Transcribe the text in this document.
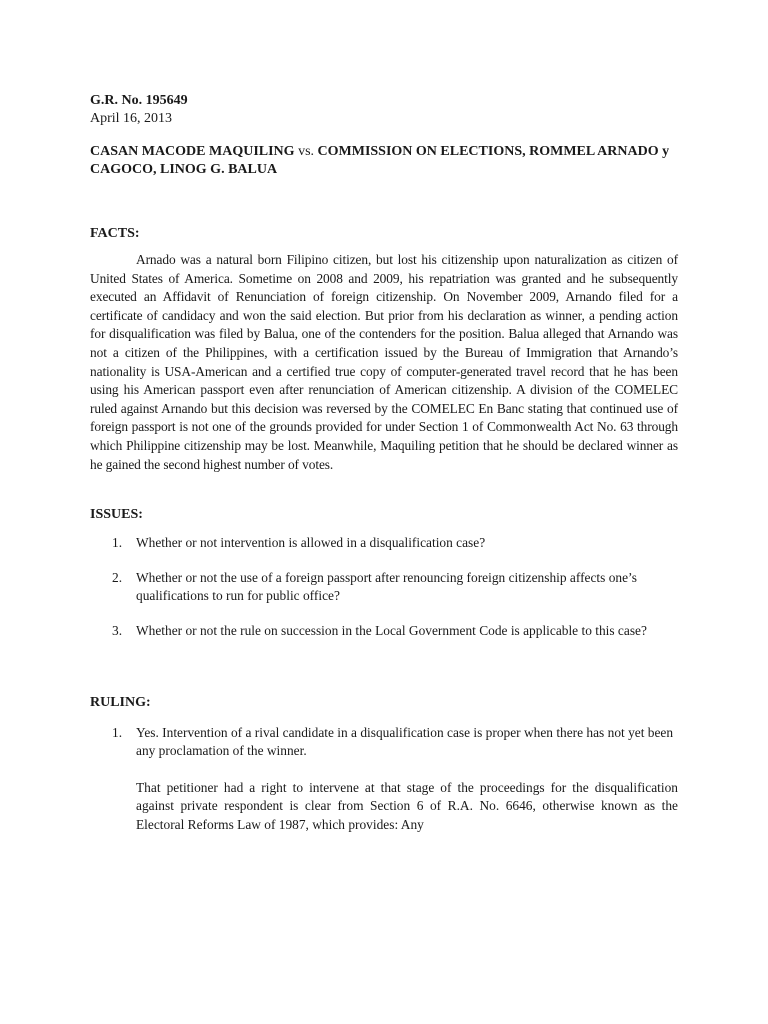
G.R. No. 195649

April 16, 2013

CASAN MACODE MAQUILING vs. COMMISSION ON ELECTIONS, ROMMEL ARNADO y CAGOCO, LINOG G. BALUA

FACTS:

Arnado was a natural born Filipino citizen, but lost his citizenship upon naturalization as citizen of United States of America. Sometime on 2008 and 2009, his repatriation was granted and he subsequently executed an Affidavit of Renunciation of foreign citizenship. On November 2009, Arnando filed for a certificate of candidacy and won the said election. But prior from his declaration as winner, a pending action for disqualification was filed by Balua, one of the contenders for the position. Balua alleged that Arnando was not a citizen of the Philippines, with a certification issued by the Bureau of Immigration that Arnando’s nationality is USA-American and a certified true copy of computer-generated travel record that he has been using his American passport even after renunciation of American citizenship. A division of the COMELEC ruled against Arnando but this decision was reversed by the COMELEC En Banc stating that continued use of foreign passport is not one of the grounds provided for under Section 1 of Commonwealth Act No. 63 through which Philippine citizenship may be lost. Meanwhile, Maquiling petition that he should be declared winner as he gained the second highest number of votes.

ISSUES:

1. Whether or not intervention is allowed in a disqualification case?
2. Whether or not the use of a foreign passport after renouncing foreign citizenship affects one’s qualifications to run for public office?
3. Whether or not the rule on succession in the Local Government Code is applicable to this case?

RULING:

1. Yes. Intervention of a rival candidate in a disqualification case is proper when there has not yet been any proclamation of the winner.

That petitioner had a right to intervene at that stage of the proceedings for the disqualification against private respondent is clear from Section 6 of R.A. No. 6646, otherwise known as the Electoral Reforms Law of 1987, which provides: Any
